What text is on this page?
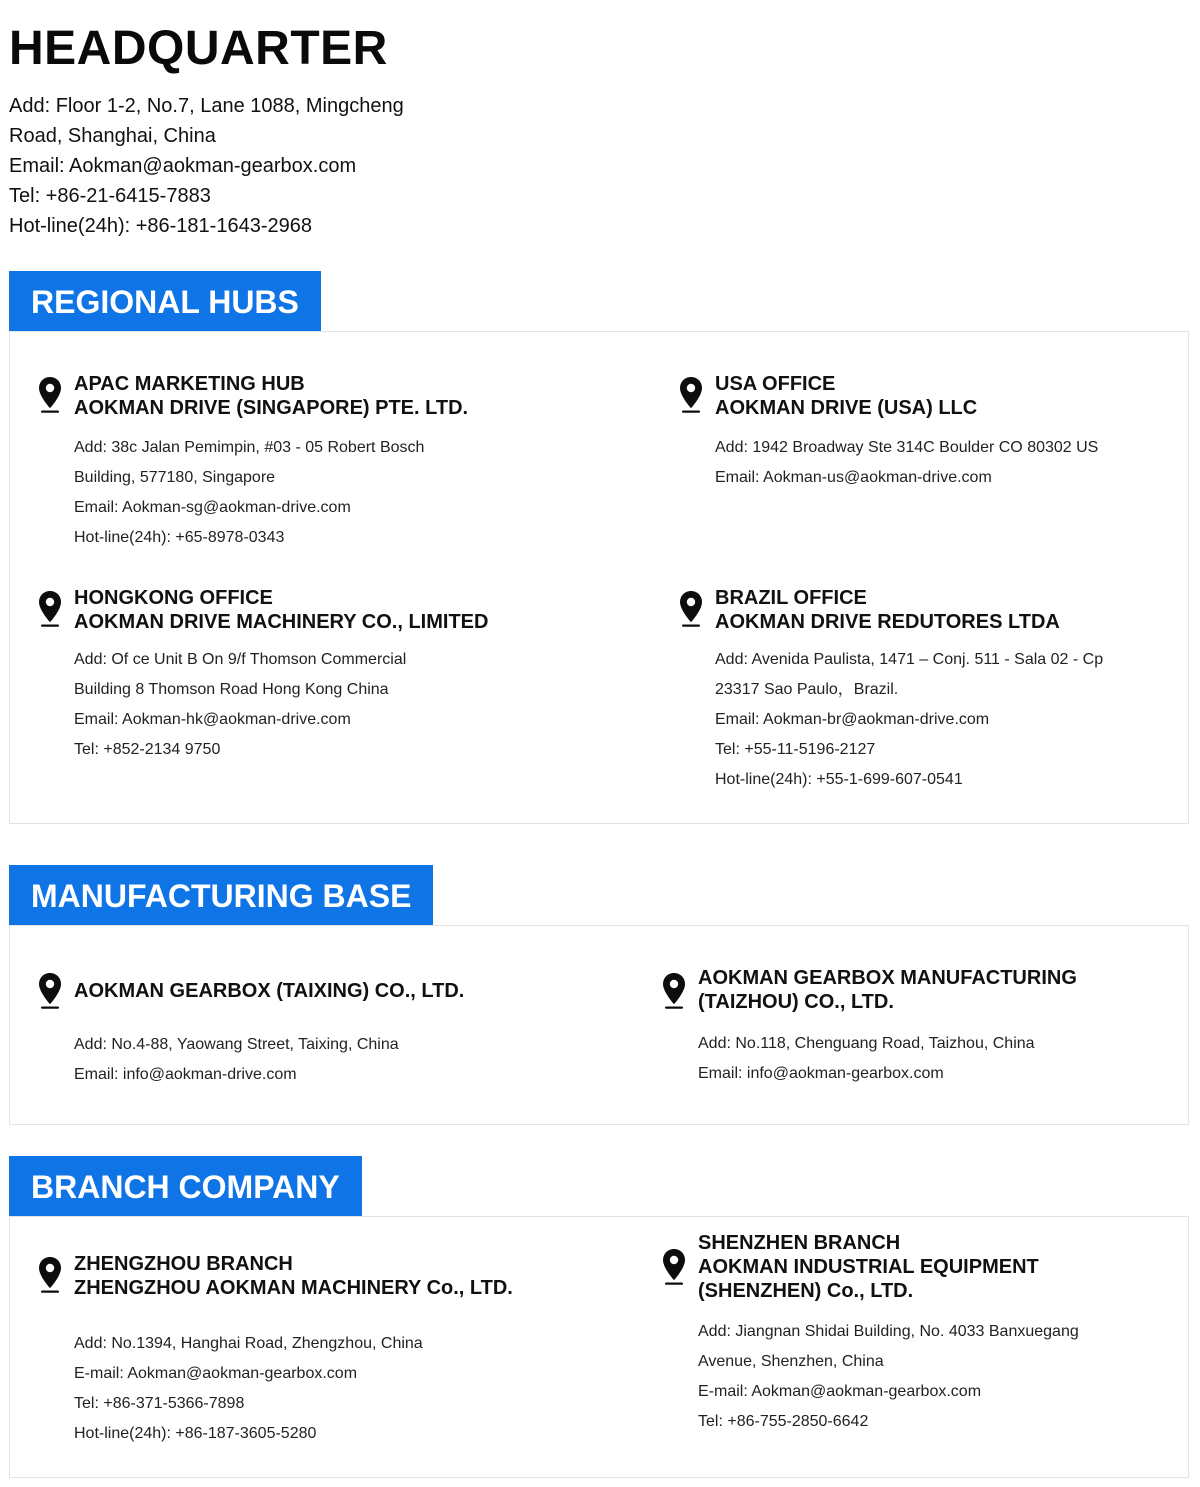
HEADQUARTER
Add: Floor 1-2, No.7, Lane 1088, Mingcheng
Road, Shanghai, China
Email: Aokman@aokman-gearbox.com
Tel: +86-21-6415-7883
Hot-line(24h): +86-181-1643-2968
REGIONAL HUBS
APAC MARKETING HUB
AOKMAN DRIVE (SINGAPORE) PTE. LTD.
Add: 38c Jalan Pemimpin, #03 - 05 Robert Bosch
Building, 577180, Singapore
Email: Aokman-sg@aokman-drive.com
Hot-line(24h): +65-8978-0343
USA OFFICE
AOKMAN DRIVE (USA) LLC
Add: 1942 Broadway Ste 314C Boulder CO 80302 US
Email: Aokman-us@aokman-drive.com
HONGKONG OFFICE
AOKMAN DRIVE MACHINERY CO., LIMITED
Add: Of ce Unit B On 9/f Thomson Commercial
Building 8 Thomson Road Hong Kong China
Email: Aokman-hk@aokman-drive.com
Tel: +852-2134 9750
BRAZIL OFFICE
AOKMAN DRIVE REDUTORES LTDA
Add: Avenida Paulista, 1471 – Conj. 511 - Sala 02 - Cp
23317 Sao Paulo，Brazil.
Email: Aokman-br@aokman-drive.com
Tel: +55-11-5196-2127
Hot-line(24h): +55-1-699-607-0541
MANUFACTURING BASE
AOKMAN GEARBOX (TAIXING) CO., LTD.
Add: No.4-88, Yaowang Street, Taixing, China
Email: info@aokman-drive.com
AOKMAN GEARBOX MANUFACTURING
(TAIZHOU) CO., LTD.
Add: No.118, Chenguang Road, Taizhou, China
Email: info@aokman-gearbox.com
BRANCH COMPANY
ZHENGZHOU BRANCH
ZHENGZHOU AOKMAN MACHINERY Co., LTD.
Add: No.1394, Hanghai Road, Zhengzhou, China
E-mail: Aokman@aokman-gearbox.com
Tel: +86-371-5366-7898
Hot-line(24h): +86-187-3605-5280
SHENZHEN BRANCH
AOKMAN INDUSTRIAL EQUIPMENT
(SHENZHEN) Co., LTD.
Add: Jiangnan Shidai Building, No. 4033 Banxuegang
Avenue, Shenzhen, China
E-mail: Aokman@aokman-gearbox.com
Tel: +86-755-2850-6642
